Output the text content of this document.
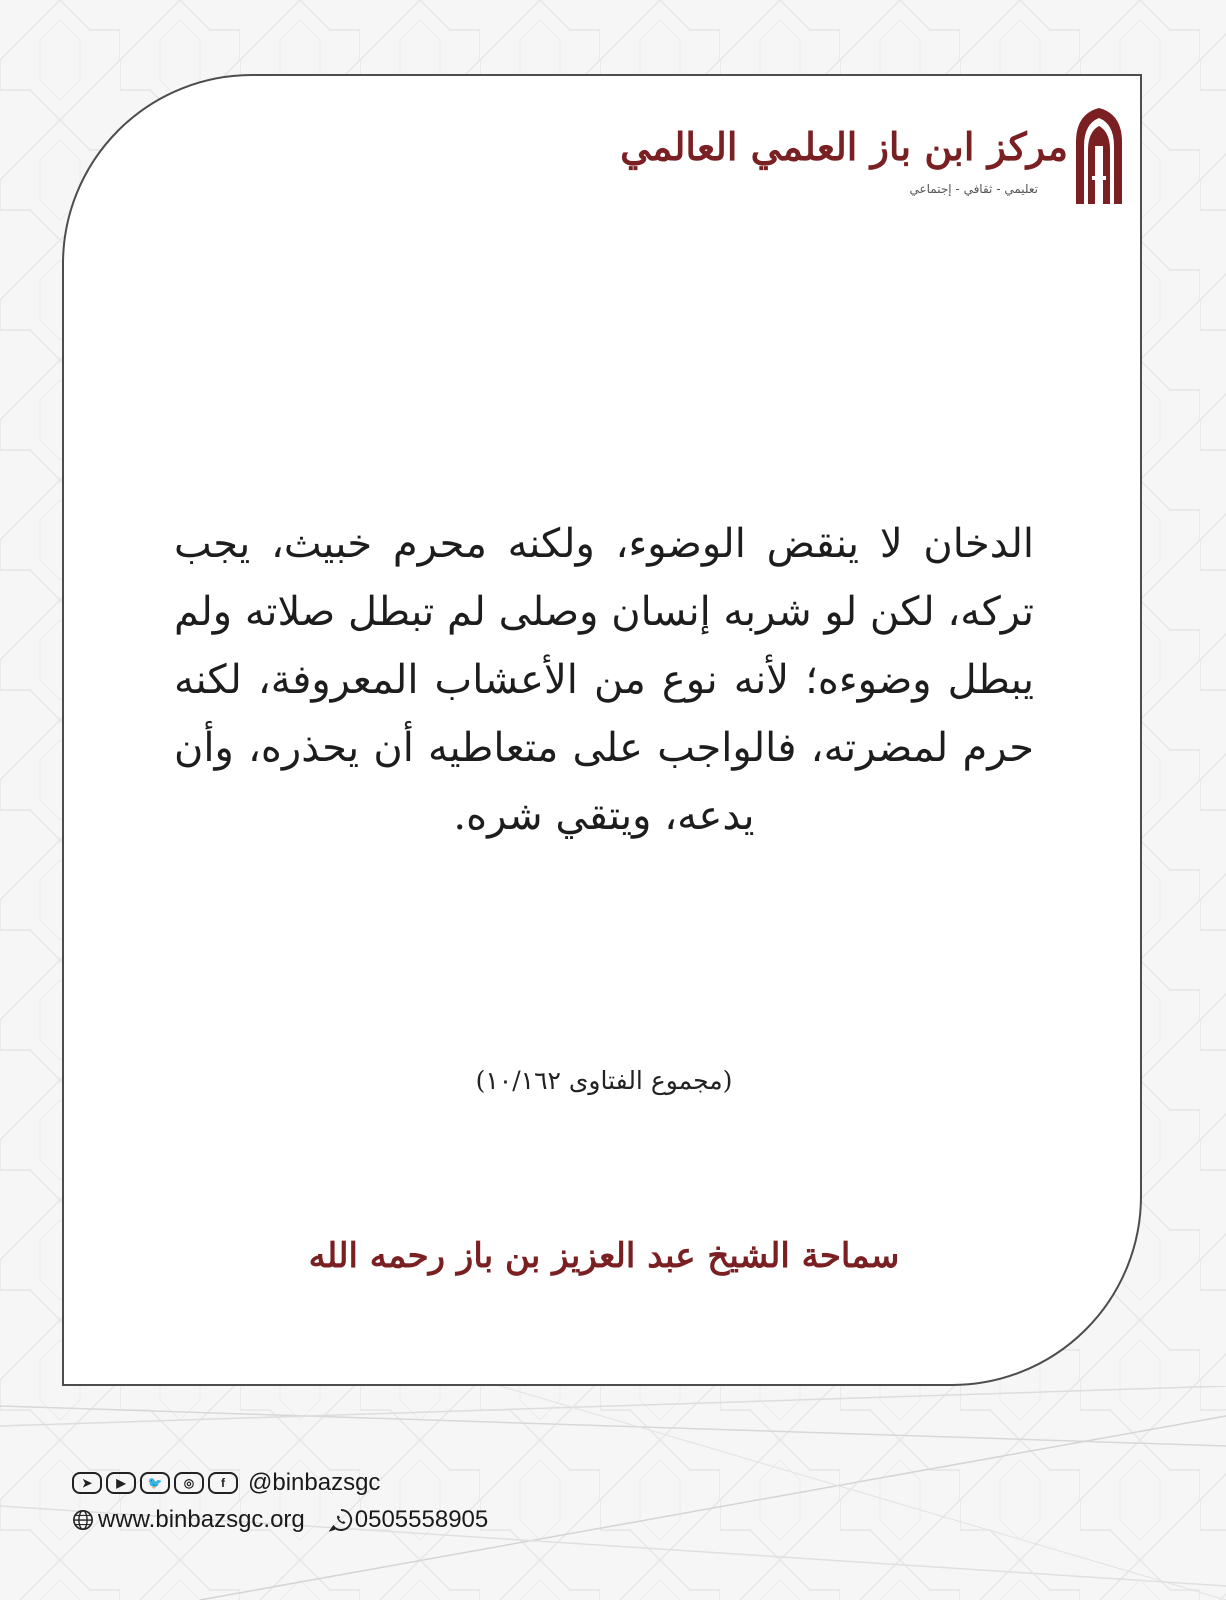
مركز ابن باز العلمي العالمي
تعليمي - ثقافي - إجتماعي
الدخان لا ينقض الوضوء، ولكنه محرم خبيث، يجب تركه، لكن لو شربه إنسان وصلى لم تبطل صلاته ولم يبطل وضوءه؛ لأنه نوع من الأعشاب المعروفة، لكنه حرم لمضرته، فالواجب على متعاطيه أن يحذره، وأن يدعه، ويتقي شره.
(مجموع الفتاوى ١٠/١٦٢)
سماحة الشيخ عبد العزيز بن باز رحمه الله
➤	▶	🐦	◎	f @binbazsgc
www.binbazsgc.org 0505558905
